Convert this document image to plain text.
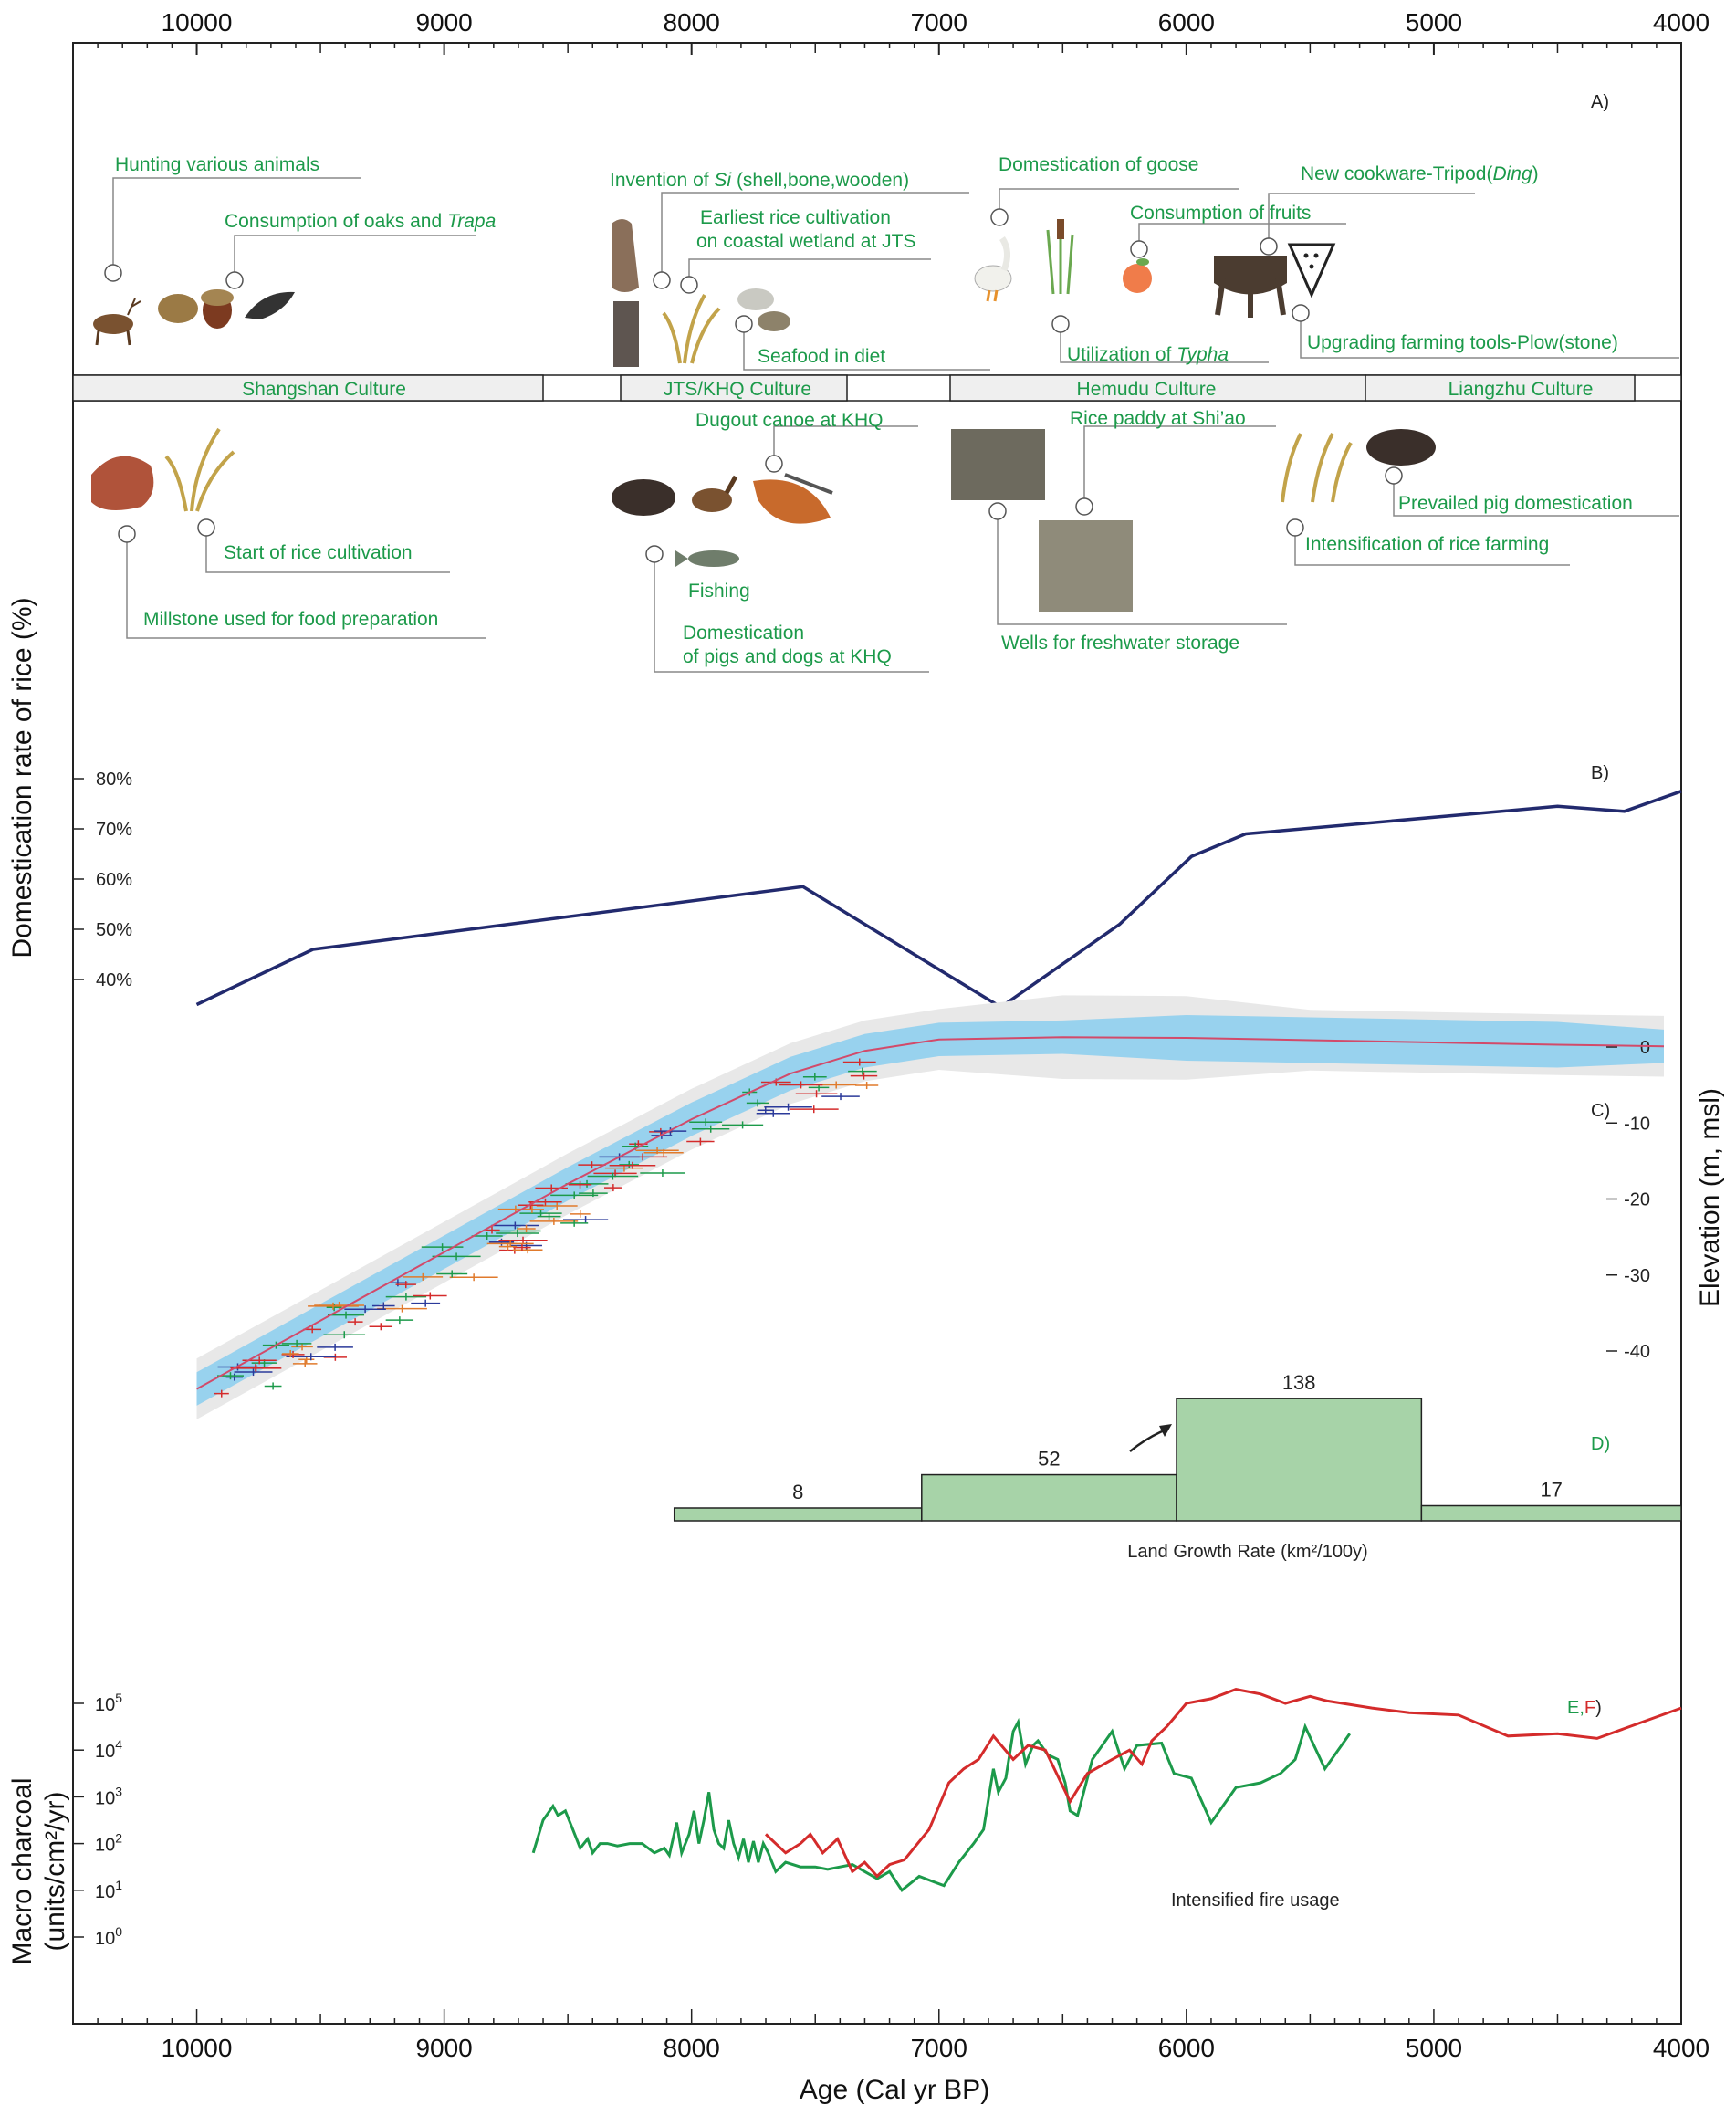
10000	9000	8000	7000	6000	5000	4000
10000	9000	8000	7000	6000	5000	4000
Age (Cal yr BP)
Domestication rate of rice (%)
Elevation (m, msl)
Macro charcoal (units/cm²/yr)
A)
B)
C)
D)
E,F)
Hunting various animals
Consumption of oaks and Trapa
Invention of Si (shell,bone,wooden)
Earliest rice cultivation
on coastal wetland at JTS
Seafood in diet
Domestication of goose
Consumption of fruits
New cookware-Tripod(Ding)
Utilization of Typha
Upgrading farming tools-Plow(stone)
Shangshan Culture	JTS/KHQ Culture	Hemudu Culture	Liangzhu Culture
Start of rice cultivation
Millstone used for food preparation
Dugout canoe at KHQ
Fishing
Domestication
of pigs and dogs at KHQ
Rice paddy at Shi’ao
Wells for freshwater storage
Prevailed pig domestication
Intensification of rice farming
40%
50%
60%
70%
80%
0
-10
-20
-30
-40
8
52
138
17
Land Growth Rate (km²/100y)
$10^5$
$10^4$
$10^3$
$10^2$
$10^1$
$10^0$
Intensified fire usage
